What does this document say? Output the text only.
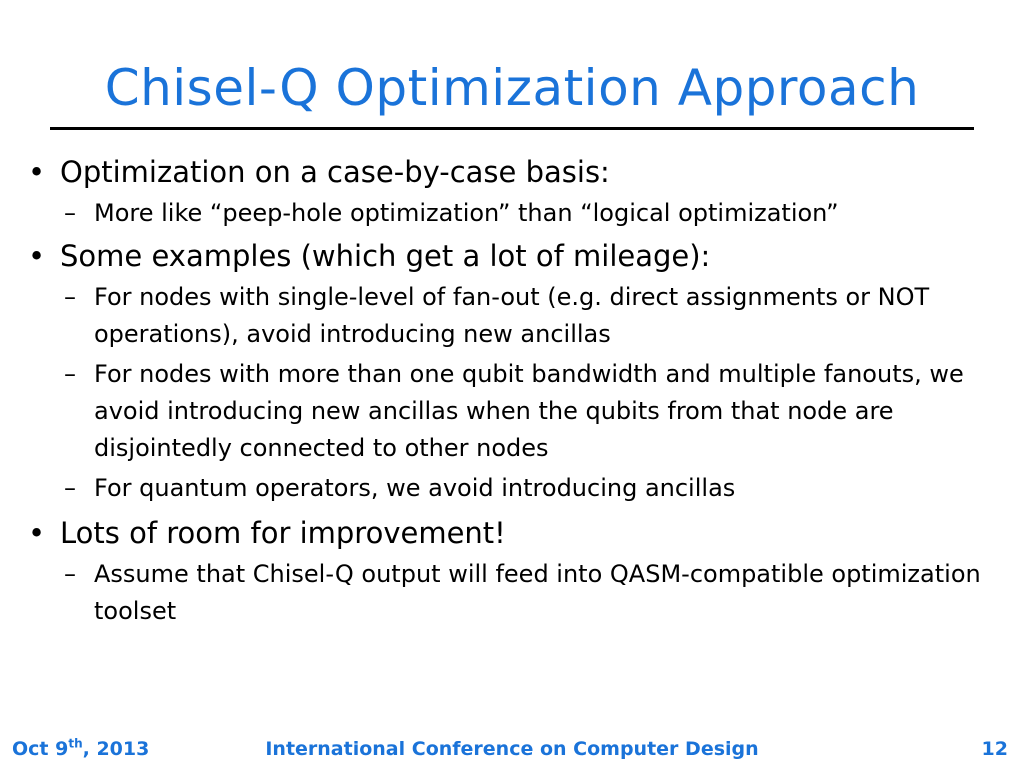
Chisel-Q Optimization Approach
• Optimization on a case-by-case basis:
– More like “peep-hole optimization” than “logical optimization”
• Some examples (which get a lot of mileage):
– For nodes with single-level of fan-out (e.g. direct assignments or NOT operations), avoid introducing new ancillas
– For nodes with more than one qubit bandwidth and multiple fanouts, we avoid introducing new ancillas when the qubits from that node are disjointedly connected to other nodes
– For quantum operators, we avoid introducing ancillas
• Lots of room for improvement!
– Assume that Chisel-Q output will feed into QASM-compatible optimization toolset
Oct 9th, 2013	International Conference on Computer Design	12
